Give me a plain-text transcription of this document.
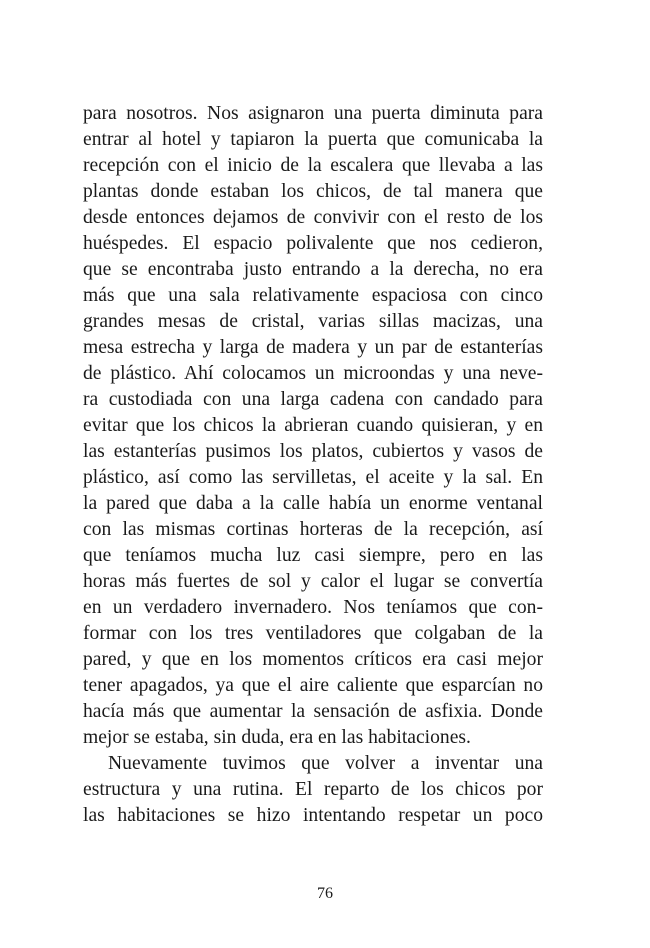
para nosotros. Nos asignaron una puerta diminuta para
entrar al hotel y tapiaron la puerta que comunicaba la
recepción con el inicio de la escalera que llevaba a las
plantas donde estaban los chicos, de tal manera que
desde entonces dejamos de convivir con el resto de los
huéspedes. El espacio polivalente que nos cedieron,
que se encontraba justo entrando a la derecha, no era
más que una sala relativamente espaciosa con cinco
grandes mesas de cristal, varias sillas macizas, una
mesa estrecha y larga de madera y un par de estanterías
de plástico. Ahí colocamos un microondas y una neve-
ra custodiada con una larga cadena con candado para
evitar que los chicos la abrieran cuando quisieran, y en
las estanterías pusimos los platos, cubiertos y vasos de
plástico, así como las servilletas, el aceite y la sal. En
la pared que daba a la calle había un enorme ventanal
con las mismas cortinas horteras de la recepción, así
que teníamos mucha luz casi siempre, pero en las
horas más fuertes de sol y calor el lugar se convertía
en un verdadero invernadero. Nos teníamos que con-
formar con los tres ventiladores que colgaban de la
pared, y que en los momentos críticos era casi mejor
tener apagados, ya que el aire caliente que esparcían no
hacía más que aumentar la sensación de asfixia. Donde
mejor se estaba, sin duda, era en las habitaciones.
Nuevamente tuvimos que volver a inventar una
estructura y una rutina. El reparto de los chicos por
las habitaciones se hizo intentando respetar un poco
76
